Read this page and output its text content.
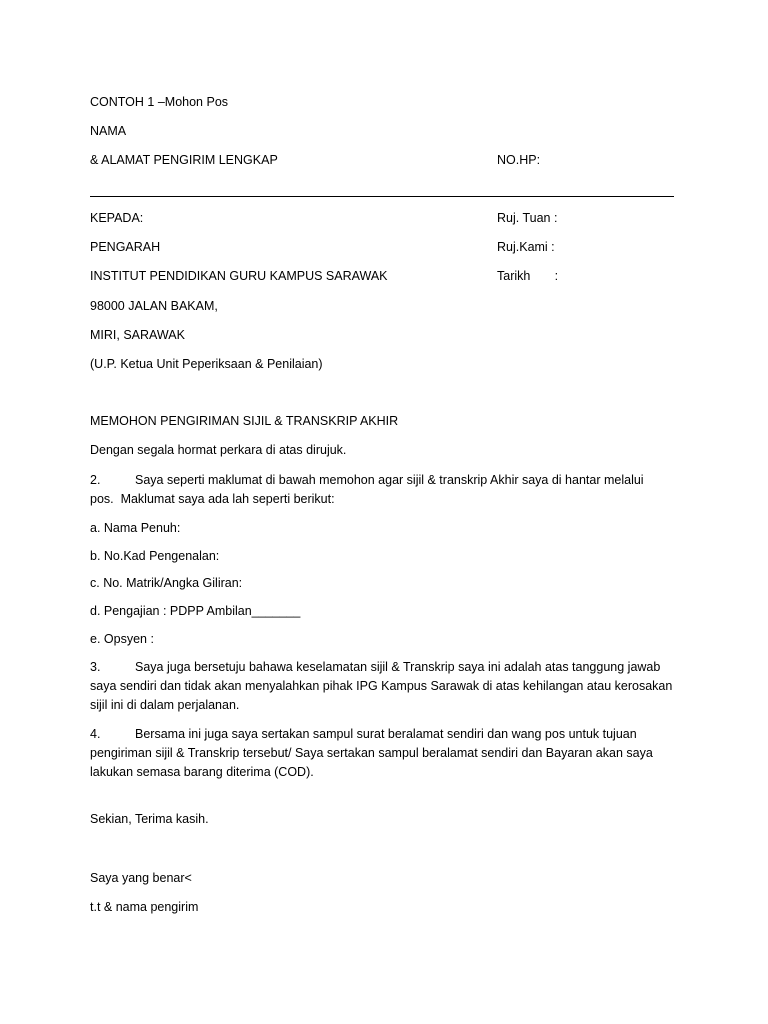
CONTOH 1 –Mohon Pos
NAMA
& ALAMAT PENGIRIM LENGKAP	NO.HP:
KEPADA:	Ruj. Tuan :
PENGARAH	Ruj.Kami :
INSTITUT PENDIDIKAN GURU KAMPUS SARAWAK	Tarikh       :
98000 JALAN BAKAM,
MIRI, SARAWAK
(U.P. Ketua Unit Peperiksaan & Penilaian)
MEMOHON PENGIRIMAN SIJIL & TRANSKRIP AKHIR
Dengan segala hormat perkara di atas dirujuk.
2.	Saya seperti maklumat di bawah memohon agar sijil & transkrip Akhir saya di hantar melalui
pos.  Maklumat saya ada lah seperti berikut:
a. Nama Penuh:
b. No.Kad Pengenalan:
c. No. Matrik/Angka Giliran:
d. Pengajian : PDPP Ambilan_______
e. Opsyen :
3.	Saya juga bersetuju bahawa keselamatan sijil & Transkrip saya ini adalah atas tanggung jawab
saya sendiri dan tidak akan menyalahkan pihak IPG Kampus Sarawak di atas kehilangan atau kerosakan
sijil ini di dalam perjalanan.
4.	Bersama ini juga saya sertakan sampul surat beralamat sendiri dan wang pos untuk tujuan
pengiriman sijil & Transkrip tersebut/ Saya sertakan sampul beralamat sendiri dan Bayaran akan saya
lakukan semasa barang diterima (COD).
Sekian, Terima kasih.
Saya yang benar<
t.t & nama pengirim
